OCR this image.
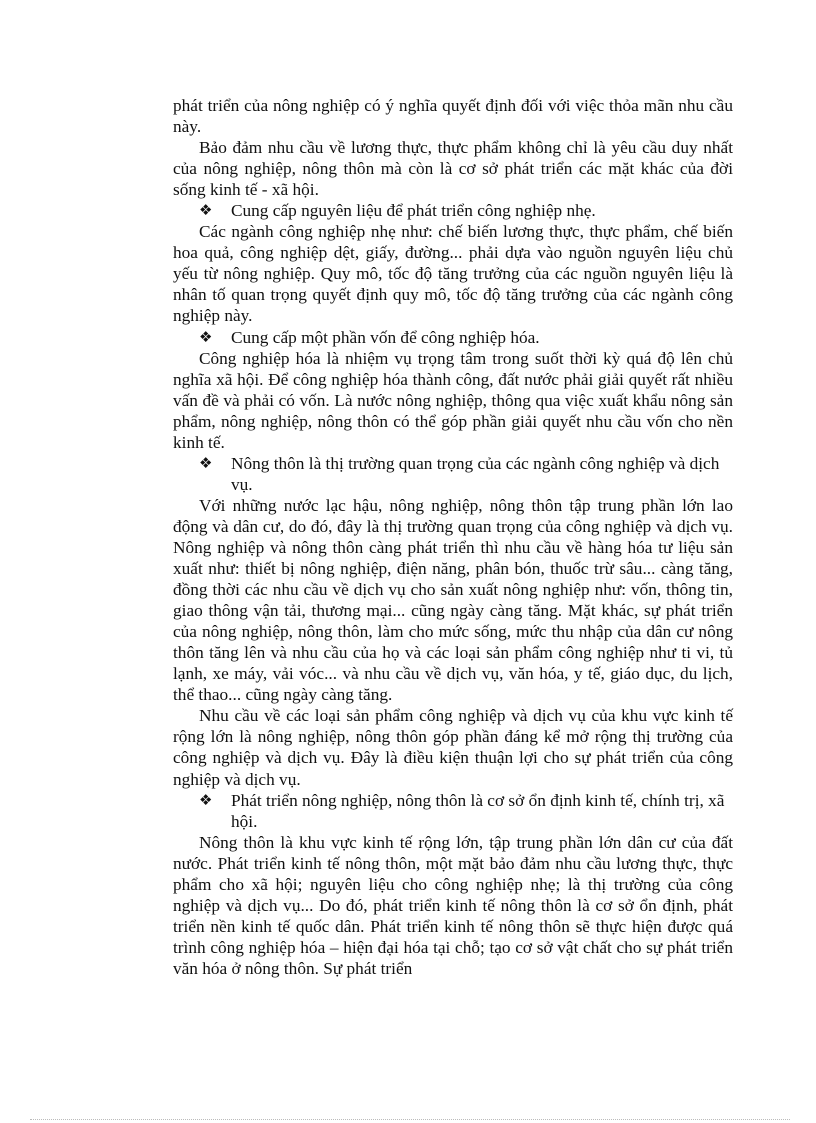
phát triển của nông nghiệp có ý nghĩa quyết định đối với việc thỏa mãn nhu cầu này.

Bảo đảm nhu cầu về lương thực, thực phẩm không chỉ là yêu cầu duy nhất của nông nghiệp, nông thôn mà còn là cơ sở phát triển các mặt khác của đời sống kinh tế - xã hội.

❖ Cung cấp nguyên liệu để phát triển công nghiệp nhẹ.

Các ngành công nghiệp nhẹ như: chế biến lương thực, thực phẩm, chế biến hoa quả, công nghiệp dệt, giấy, đường... phải dựa vào nguồn nguyên liệu chủ yếu từ nông nghiệp. Quy mô, tốc độ tăng trưởng của các nguồn nguyên liệu là nhân tố quan trọng quyết định quy mô, tốc độ tăng trưởng của các ngành công nghiệp này.

❖ Cung cấp một phần vốn để công nghiệp hóa.

Công nghiệp hóa là nhiệm vụ trọng tâm trong suốt thời kỳ quá độ lên chủ nghĩa xã hội. Để công nghiệp hóa thành công, đất nước phải giải quyết rất nhiều vấn đề và phải có vốn. Là nước nông nghiệp, thông qua việc xuất khẩu nông sản phẩm, nông nghiệp, nông thôn có thể góp phần giải quyết nhu cầu vốn cho nền kinh tế.

❖ Nông thôn là thị trường quan trọng của các ngành công nghiệp và dịch vụ.

Với những nước lạc hậu, nông nghiệp, nông thôn tập trung phần lớn lao động và dân cư, do đó, đây là thị trường quan trọng của công nghiệp và dịch vụ. Nông nghiệp và nông thôn càng phát triển thì nhu cầu về hàng hóa tư liệu sản xuất như: thiết bị nông nghiệp, điện năng, phân bón, thuốc trừ sâu... càng tăng, đồng thời các nhu cầu về dịch vụ cho sản xuất nông nghiệp như: vốn, thông tin, giao thông vận tải, thương mại... cũng ngày càng tăng. Mặt khác, sự phát triển của nông nghiệp, nông thôn, làm cho mức sống, mức thu nhập của dân cư nông thôn tăng lên và nhu cầu của họ và các loại sản phẩm công nghiệp như ti vi, tủ lạnh, xe máy, vải vóc... và nhu cầu về dịch vụ, văn hóa, y tế, giáo dục, du lịch, thể thao... cũng ngày càng tăng.

Nhu cầu về các loại sản phẩm công nghiệp và dịch vụ của khu vực kinh tế rộng lớn là nông nghiệp, nông thôn góp phần đáng kể mở rộng thị trường của công nghiệp và dịch vụ. Đây là điều kiện thuận lợi cho sự phát triển của công nghiệp và dịch vụ.

❖ Phát triển nông nghiệp, nông thôn là cơ sở ổn định kinh tế, chính trị, xã hội.

Nông thôn là khu vực kinh tế rộng lớn, tập trung phần lớn dân cư của đất nước. Phát triển kinh tế nông thôn, một mặt bảo đảm nhu cầu lương thực, thực phẩm cho xã hội; nguyên liệu cho công nghiệp nhẹ; là thị trường của công nghiệp và dịch vụ... Do đó, phát triển kinh tế nông thôn là cơ sở ổn định, phát triển nền kinh tế quốc dân. Phát triển kinh tế nông thôn sẽ thực hiện được quá trình công nghiệp hóa – hiện đại hóa tại chỗ; tạo cơ sở vật chất cho sự phát triển văn hóa ở nông thôn. Sự phát triển
